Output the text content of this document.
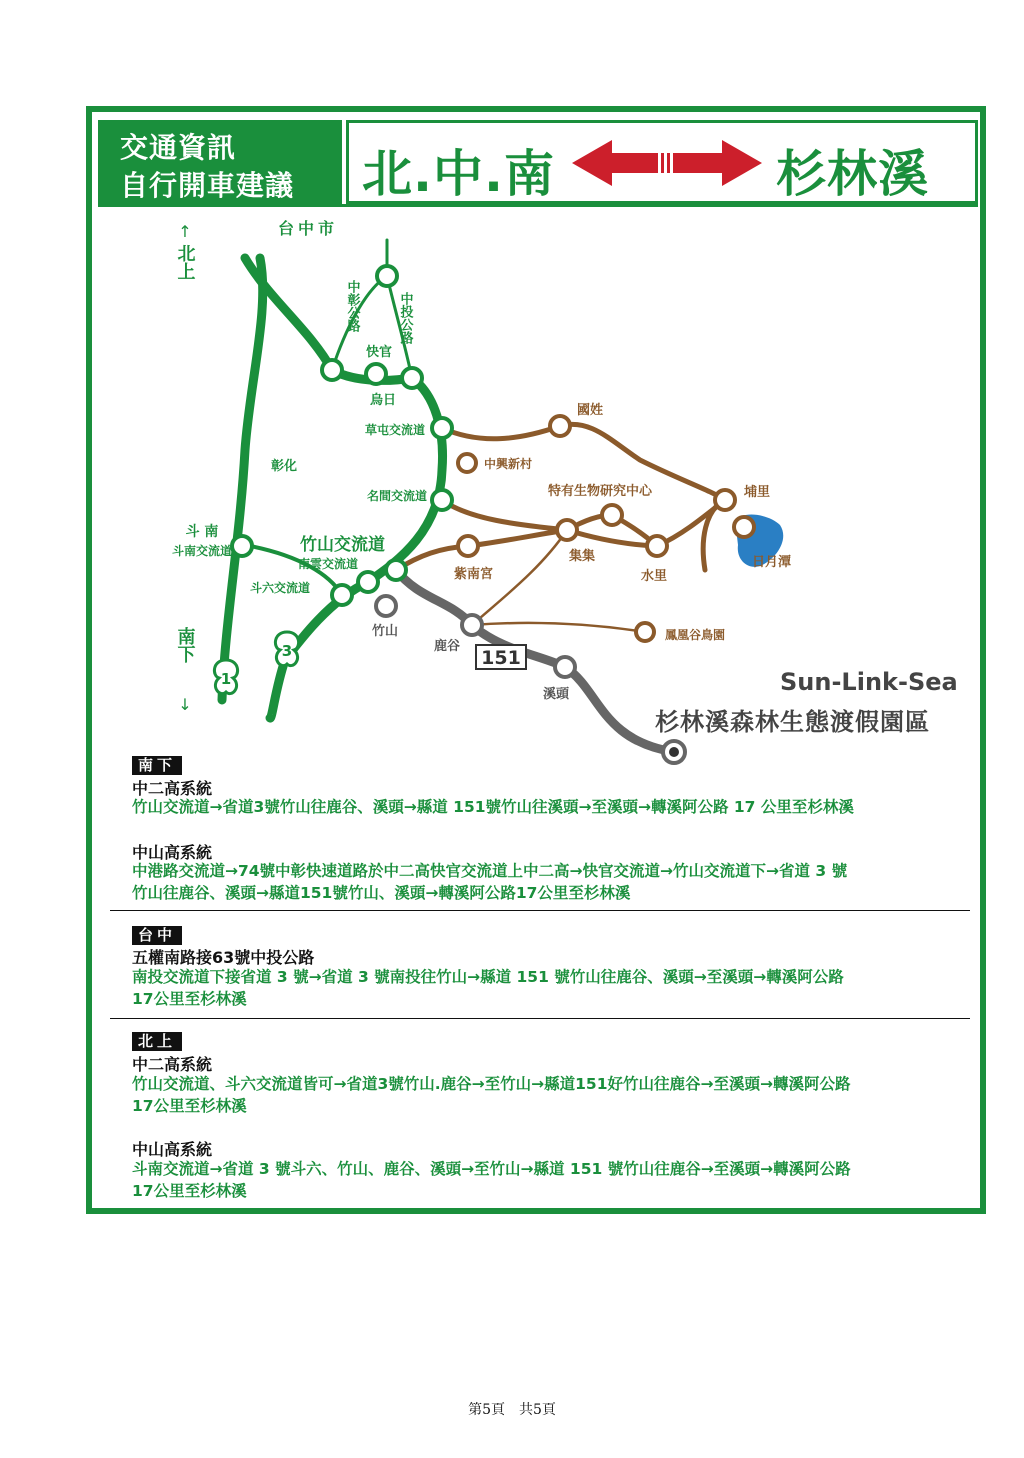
交通資訊
自行開車建議 北.中.南	杉林溪
1
3	151
↑
北上
南下
↓
台中市
中彰公路	中投公路
快官
烏日
草屯交流道
中興新村
彰化
名間交流道
國姓
特有生物研究中心	埔里
日月潭
集集
水里
紫南宮
斗 南
斗南交流道	竹山交流道
南雲交流道
斗六交流道
竹山
鹿谷
鳳凰谷鳥園
溪頭	Sun-Link-Sea
杉林溪森林生態渡假園區
南下
中二高系統
竹山交流道→省道3號竹山往鹿谷、溪頭→縣道 151號竹山往溪頭→至溪頭→轉溪阿公路 17 公里至杉林溪
中山高系統
中港路交流道→74號中彰快速道路於中二高快官交流道上中二高→快官交流道→竹山交流道下→省道 3 號
竹山往鹿谷、溪頭→縣道151號竹山、溪頭→轉溪阿公路17公里至杉林溪
台中
五權南路接63號中投公路
南投交流道下接省道 3 號→省道 3 號南投往竹山→縣道 151 號竹山往鹿谷、溪頭→至溪頭→轉溪阿公路
17公里至杉林溪
北上
中二高系統
竹山交流道、斗六交流道皆可→省道3號竹山.鹿谷→至竹山→縣道151好竹山往鹿谷→至溪頭→轉溪阿公路
17公里至杉林溪
中山高系統
斗南交流道→省道 3 號斗六、竹山、鹿谷、溪頭→至竹山→縣道 151 號竹山往鹿谷→至溪頭→轉溪阿公路
17公里至杉林溪
第5頁　共5頁
